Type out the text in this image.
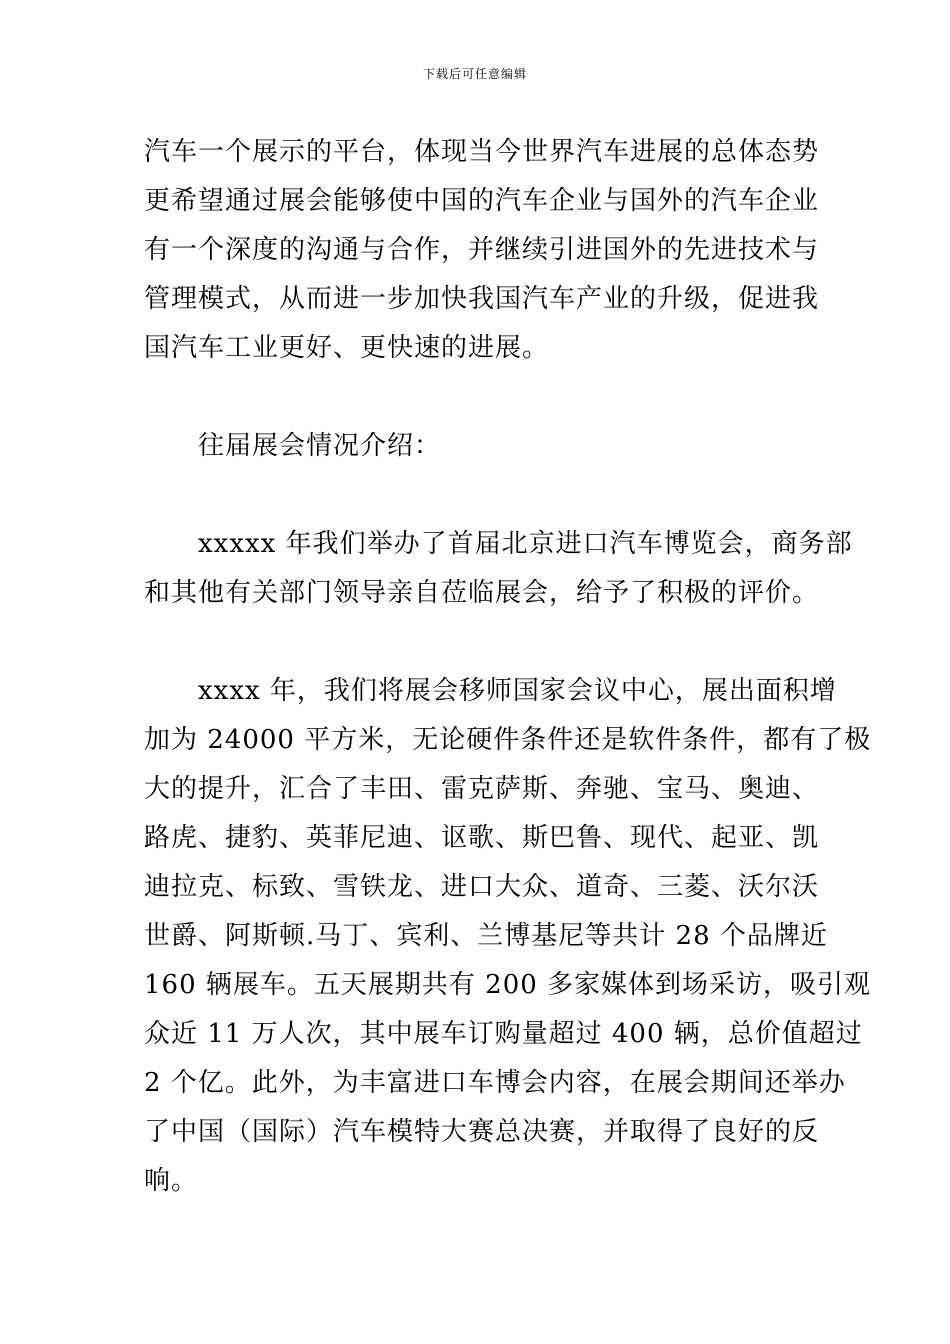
下载后可任意编辑
汽车一个展示的平台，体现当今世界汽车进展的总体态势
更希望通过展会能够使中国的汽车企业与国外的汽车企业
有一个深度的沟通与合作，并继续引进国外的先进技术与
管理模式，从而进一步加快我国汽车产业的升级，促进我
国汽车工业更好、更快速的进展。
往届展会情况介绍：
xxxxx 年我们举办了首届北京进口汽车博览会，商务部
和其他有关部门领导亲自莅临展会，给予了积极的评价。
xxxx 年，我们将展会移师国家会议中心，展出面积增
加为 24000 平方米，无论硬件条件还是软件条件，都有了极
大的提升，汇合了丰田、雷克萨斯、奔驰、宝马、奥迪、
路虎、捷豹、英菲尼迪、讴歌、斯巴鲁、现代、起亚、凯
迪拉克、标致、雪铁龙、进口大众、道奇、三菱、沃尔沃
世爵、阿斯顿.马丁、宾利、兰博基尼等共计 28 个品牌近
160 辆展车。五天展期共有 200 多家媒体到场采访，吸引观
众近 11 万人次，其中展车订购量超过 400 辆，总价值超过
2 个亿。此外，为丰富进口车博会内容，在展会期间还举办
了中国（国际）汽车模特大赛总决赛，并取得了良好的反
响。
